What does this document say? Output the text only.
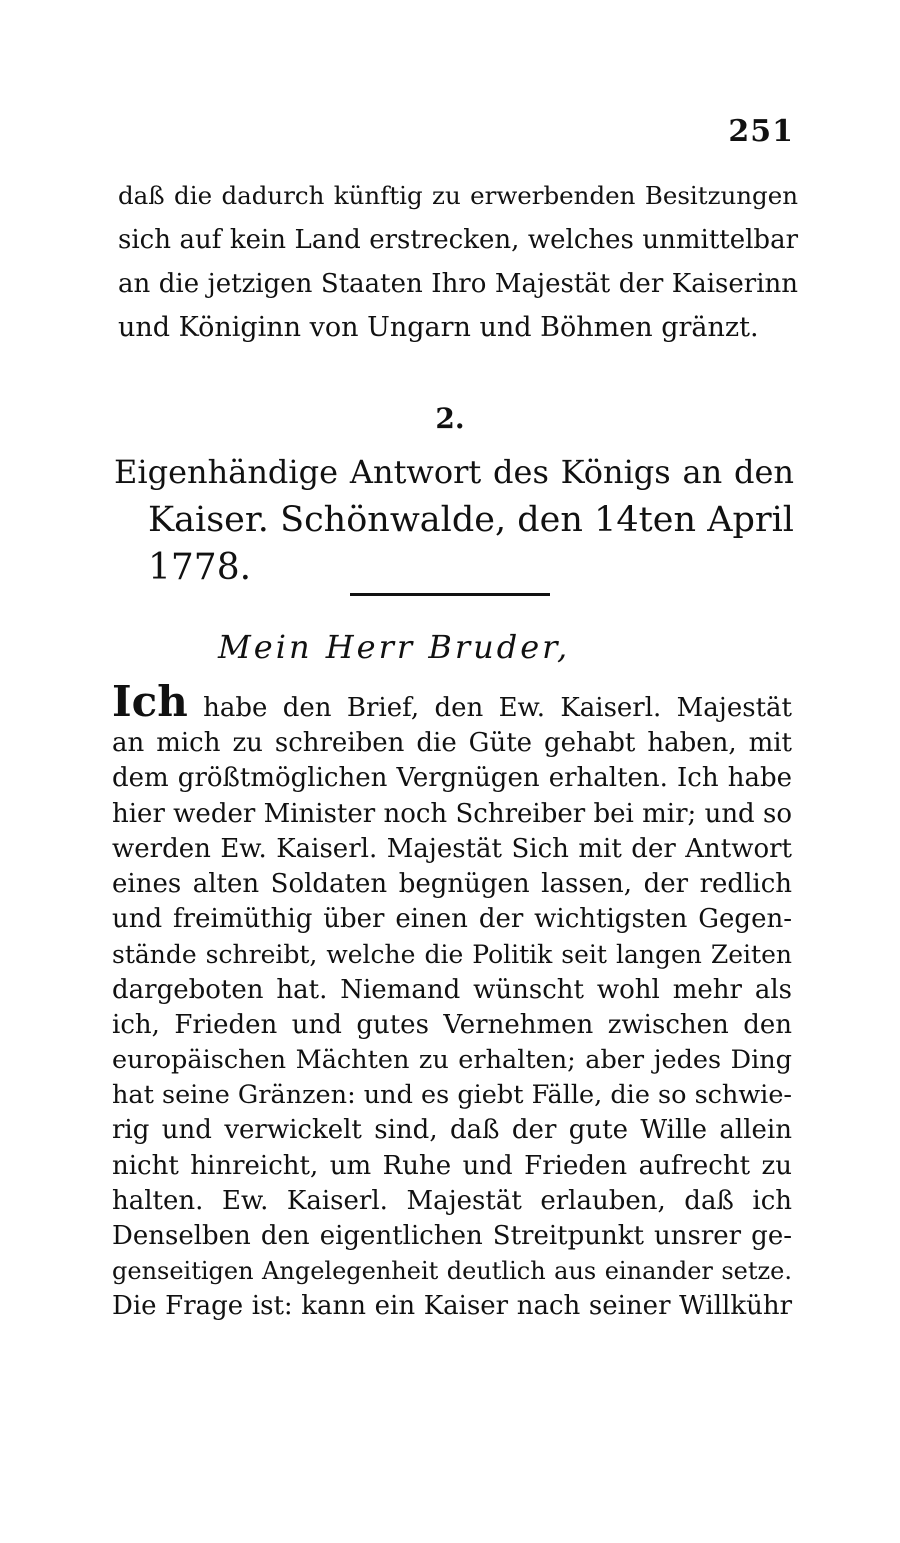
251

daß die dadurch künftig zu erwerbenden Besitzungen
sich auf kein Land erstrecken, welches unmittelbar
an die jetzigen Staaten Ihro Majestät der Kaiserinn
und Königinn von Ungarn und Böhmen gränzt.

2.
Eigenhändige Antwort des Königs an den
Kaiser. Schönwalde, den 14ten April
1778.

Mein Herr Bruder,

Ich habe den Brief, den Ew. Kaiserl. Majestät
an mich zu schreiben die Güte gehabt haben, mit
dem größtmöglichen Vergnügen erhalten. Ich habe
hier weder Minister noch Schreiber bei mir; und so
werden Ew. Kaiserl. Majestät Sich mit der Antwort
eines alten Soldaten begnügen lassen, der redlich
und freimüthig über einen der wichtigsten Gegen-
stände schreibt, welche die Politik seit langen Zeiten
dargeboten hat. Niemand wünscht wohl mehr als
ich, Frieden und gutes Vernehmen zwischen den
europäischen Mächten zu erhalten; aber jedes Ding
hat seine Gränzen: und es giebt Fälle, die so schwie-
rig und verwickelt sind, daß der gute Wille allein
nicht hinreicht, um Ruhe und Frieden aufrecht zu
halten. Ew. Kaiserl. Majestät erlauben, daß ich
Denselben den eigentlichen Streitpunkt unsrer ge-
genseitigen Angelegenheit deutlich aus einander setze.
Die Frage ist: kann ein Kaiser nach seiner Willkühr
